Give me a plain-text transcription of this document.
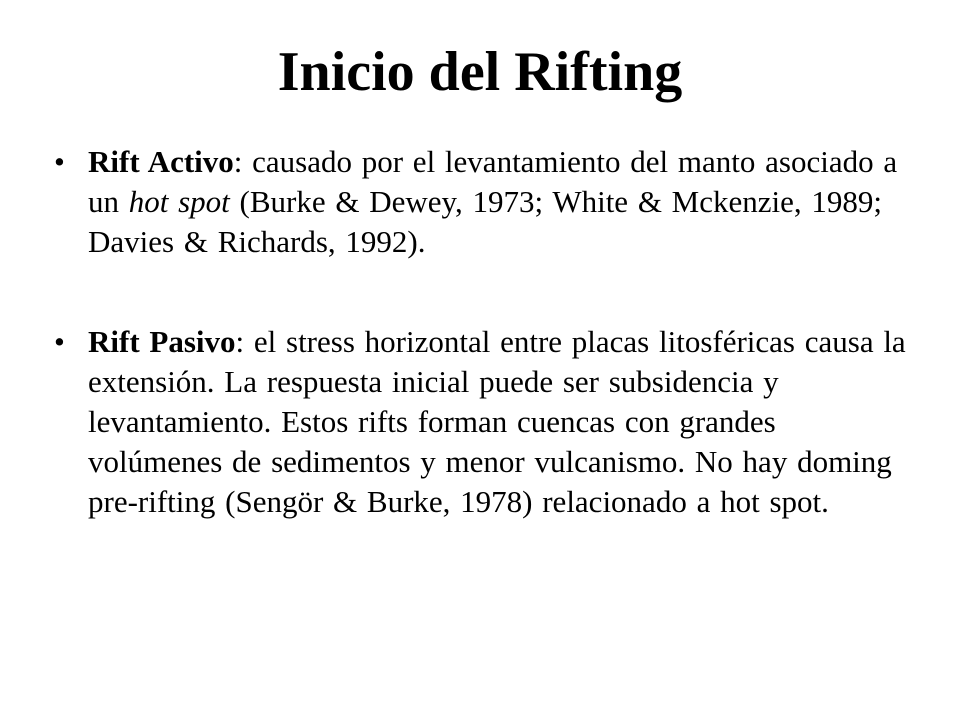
Inicio del Rifting
• Rift Activo: causado por el levantamiento del manto asociado a un hot spot (Burke & Dewey, 1973; White & Mckenzie, 1989; Davies & Richards, 1992).
• Rift Pasivo: el stress horizontal entre placas litosféricas causa la extensión. La respuesta inicial puede ser subsidencia y levantamiento. Estos rifts forman cuencas con grandes volúmenes de sedimentos y menor vulcanismo. No hay doming pre-rifting (Sengör & Burke, 1978) relacionado a hot spot.
